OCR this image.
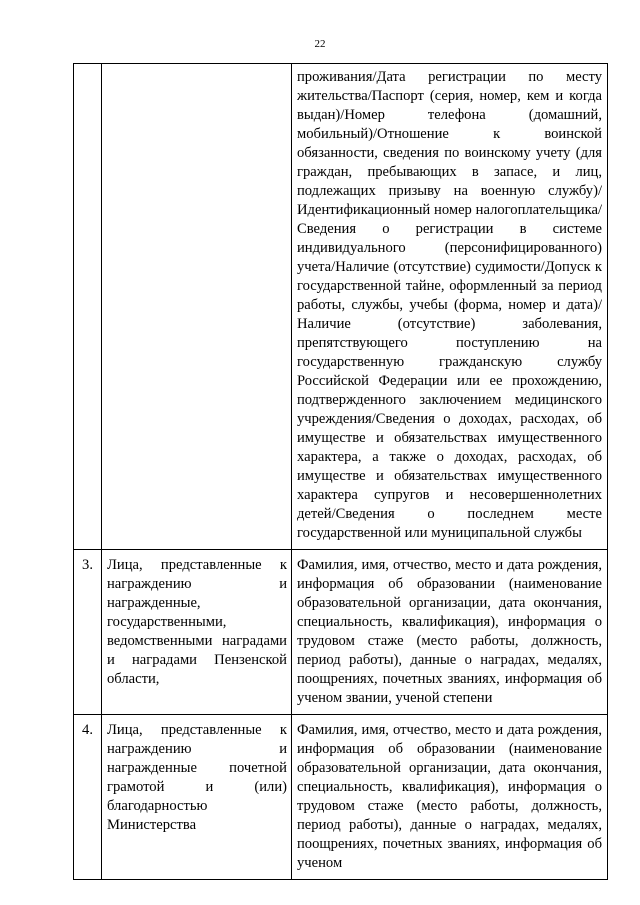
22
		проживания/Дата регистрации по месту жительства/Паспорт (серия, номер, кем и когда выдан)/Номер телефона (домашний, мобильный)/Отношение к воинской обязанности, сведения по воинскому учету (для граждан, пребывающих в запасе, и лиц, подлежащих призыву на военную службу)/Идентификационный номер налогоплательщика/Сведения о регистрации в системе индивидуального (персонифицированного) учета/Наличие (отсутствие) судимости/Допуск к государственной тайне, оформленный за период работы, службы, учебы (форма, номер и дата)/Наличие (отсутствие) заболевания, препятствующего поступлению на государственную гражданскую службу Российской Федерации или ее прохождению, подтвержденного заключением медицинского учреждения/Сведения о доходах, расходах, об имуществе и обязательствах имущественного характера, а также о доходах, расходах, об имуществе и обязательствах имущественного характера супругов и несовершеннолетних детей/Сведения о последнем месте государственной или муниципальной службы
3.	Лица, представленные к награждению и награжденные, государственными, ведомственными наградами и наградами Пензенской области,	Фамилия, имя, отчество, место и дата рождения, информация об образовании (наименование образовательной организации, дата окончания, специальность, квалификация), информация о трудовом стаже (место работы, должность, период работы), данные о наградах, медалях, поощрениях, почетных званиях, информация об ученом звании, ученой степени
4.	Лица, представленные к награждению и награжденные почетной грамотой и (или) благодарностью Министерства	Фамилия, имя, отчество, место и дата рождения, информация об образовании (наименование образовательной организации, дата окончания, специальность, квалификация), информация о трудовом стаже (место работы, должность, период работы), данные о наградах, медалях, поощрениях, почетных званиях, информация об ученом
